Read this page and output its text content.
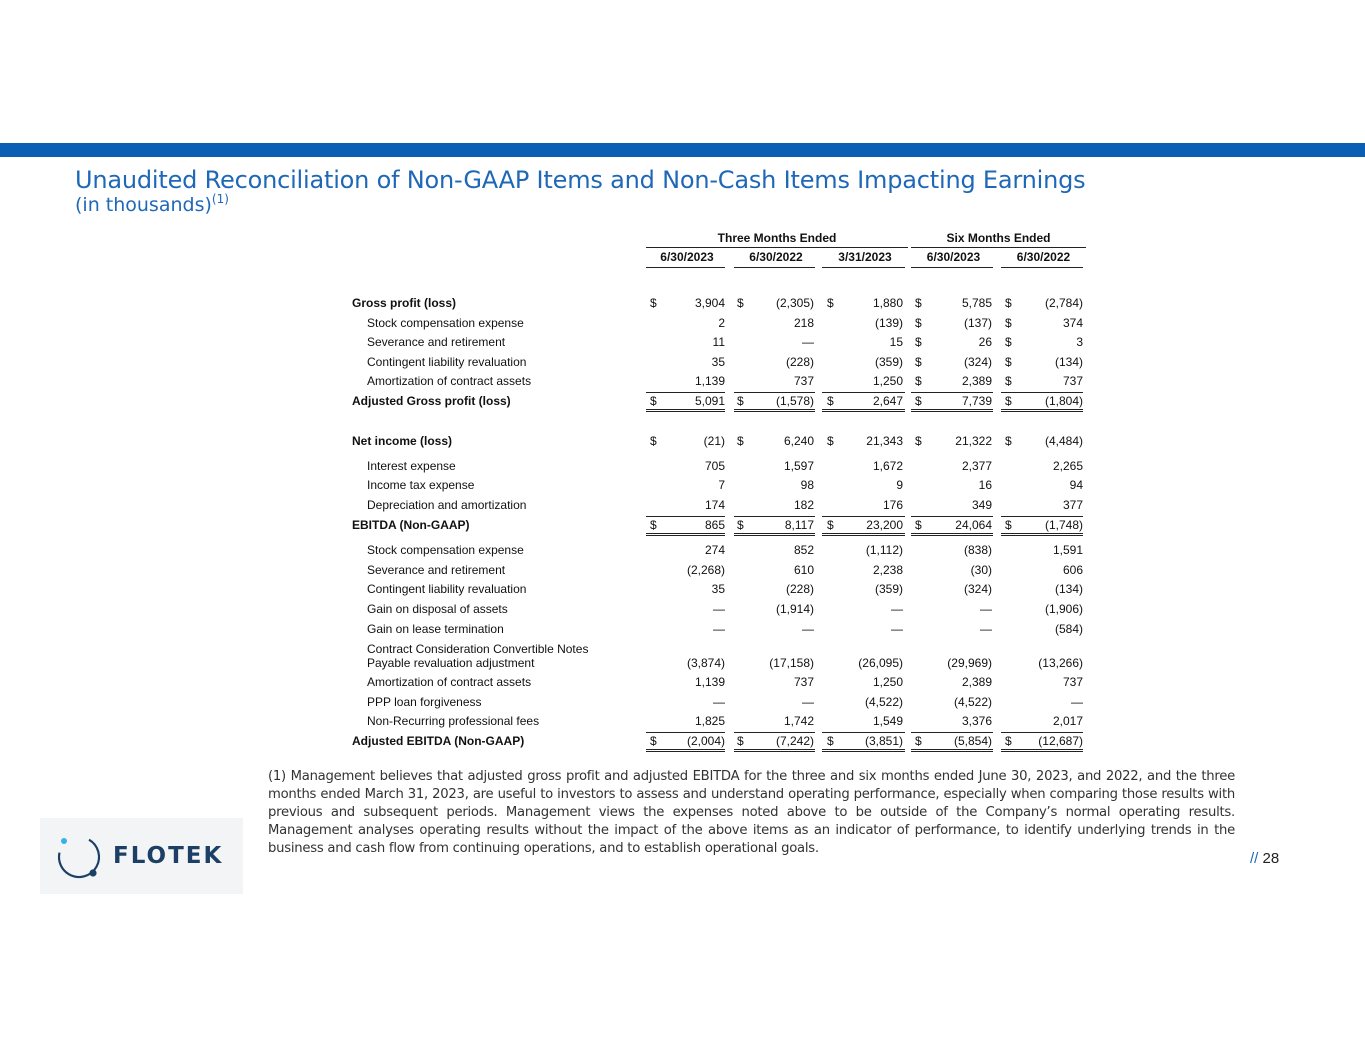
Unaudited Reconciliation of Non-GAAP Items and Non-Cash Items Impacting Earnings
(in thousands)$^{(1)}$
Three Months Ended	Six Months Ended
6/30/2023	6/30/2022	3/31/2023	6/30/2023	6/30/2022
Gross profit (loss)	$	3,904 $	(2,305) $	1,880 $	5,785 $	(2,784)
Stock compensation expense	2	218	(139) $	(137) $	374
Severance and retirement	11	—	15 $	26 $	3
Contingent liability revaluation	35	(228)	(359) $	(324) $	(134)
Amortization of contract assets	1,139	737	1,250 $	2,389 $	737
Adjusted Gross profit (loss)	$	5,091 $	(1,578) $	2,647 $	7,739 $	(1,804)
Net income (loss)	$	(21) $	6,240 $	21,343 $	21,322 $	(4,484)
Interest expense	705	1,597	1,672	2,377	2,265
Income tax expense	7	98	9	16	94
Depreciation and amortization	174	182	176	349	377
EBITDA (Non-GAAP)	$	865 $	8,117 $	23,200 $	24,064 $	(1,748)
Stock compensation expense	274	852	(1,112)	(838)	1,591
Severance and retirement	(2,268)	610	2,238	(30)	606
Contingent liability revaluation	35	(228)	(359)	(324)	(134)
Gain on disposal of assets	—	(1,914)	—	—	(1,906)
Gain on lease termination	—	—	—	—	(584)
Contract Consideration Convertible Notes
Payable revaluation adjustment	(3,874)	(17,158)	(26,095)	(29,969)	(13,266)
Amortization of contract assets	1,139	737	1,250	2,389	737
PPP loan forgiveness	—	—	(4,522)	(4,522)	—
Non-Recurring professional fees	1,825	1,742	1,549	3,376	2,017
Adjusted EBITDA (Non-GAAP)	$	(2,004) $	(7,242) $	(3,851) $	(5,854) $	(12,687)
(1) Management believes that adjusted gross profit and adjusted EBITDA for the three and six months ended June 30, 2023, and 2022, and the three months ended March 31, 2023, are useful to investors to assess and understand operating performance, especially when comparing those results with previous and subsequent periods. Management views the expenses noted above to be outside of the Company’s normal operating results. Management analyses operating results without the impact of the above items as an indicator of performance, to identify underlying trends in the business and cash flow from continuing operations, and to establish operational goals.
FLOTEK	// 28
